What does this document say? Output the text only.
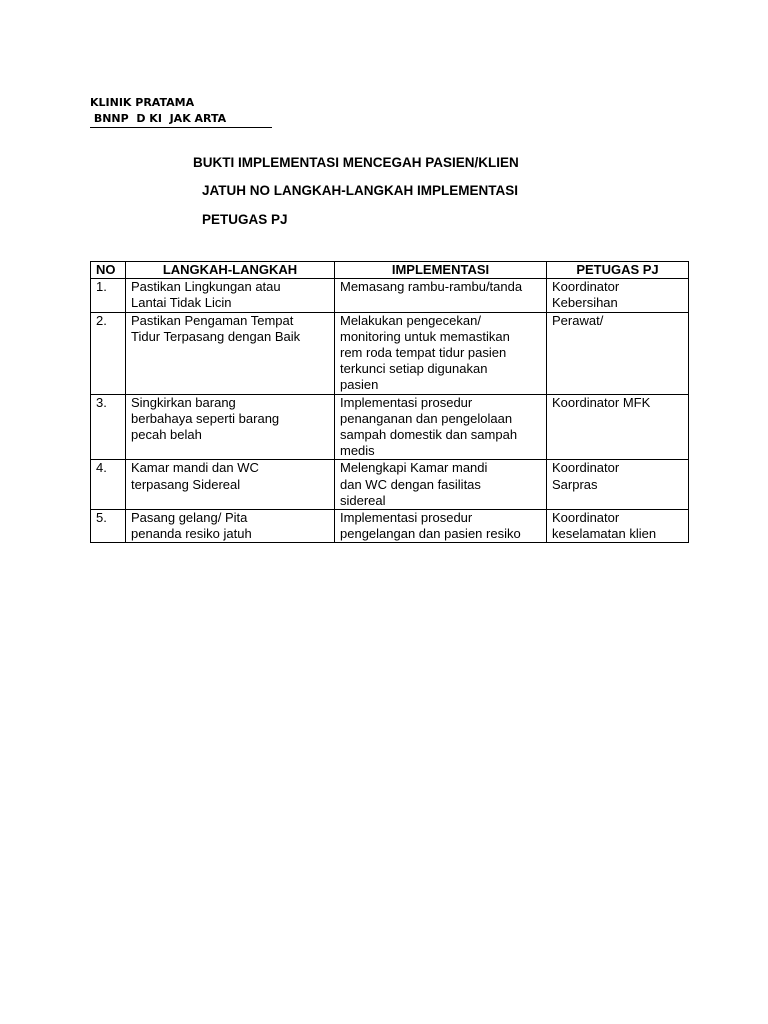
KLINIK PRATAMA
BNNP  D KI  JAK ARTA
BUKTI IMPLEMENTASI MENCEGAH PASIEN/KLIEN
JATUH NO LANGKAH-LANGKAH IMPLEMENTASI
PETUGAS PJ
NO	LANGKAH-LANGKAH	IMPLEMENTASI	PETUGAS PJ

1.	Pastikan Lingkungan atau
Lantai Tidak Licin	Memasang rambu-rambu/tanda	Koordinator
Kebersihan

2.	Pastikan Pengaman Tempat
Tidur Terpasang dengan Baik	Melakukan pengecekan/
monitoring untuk memastikan
rem roda tempat tidur pasien
terkunci setiap digunakan
pasien	Perawat/

3.	Singkirkan barang
berbahaya seperti barang
pecah belah	Implementasi prosedur
penanganan dan pengelolaan
sampah domestik dan sampah
medis	Koordinator MFK

4.	Kamar mandi dan WC
terpasang Sidereal	Melengkapi Kamar mandi
dan WC dengan fasilitas
sidereal	Koordinator
Sarpras

5.	Pasang gelang/ Pita
penanda resiko jatuh	Implementasi prosedur
pengelangan dan pasien resiko	Koordinator
keselamatan klien
